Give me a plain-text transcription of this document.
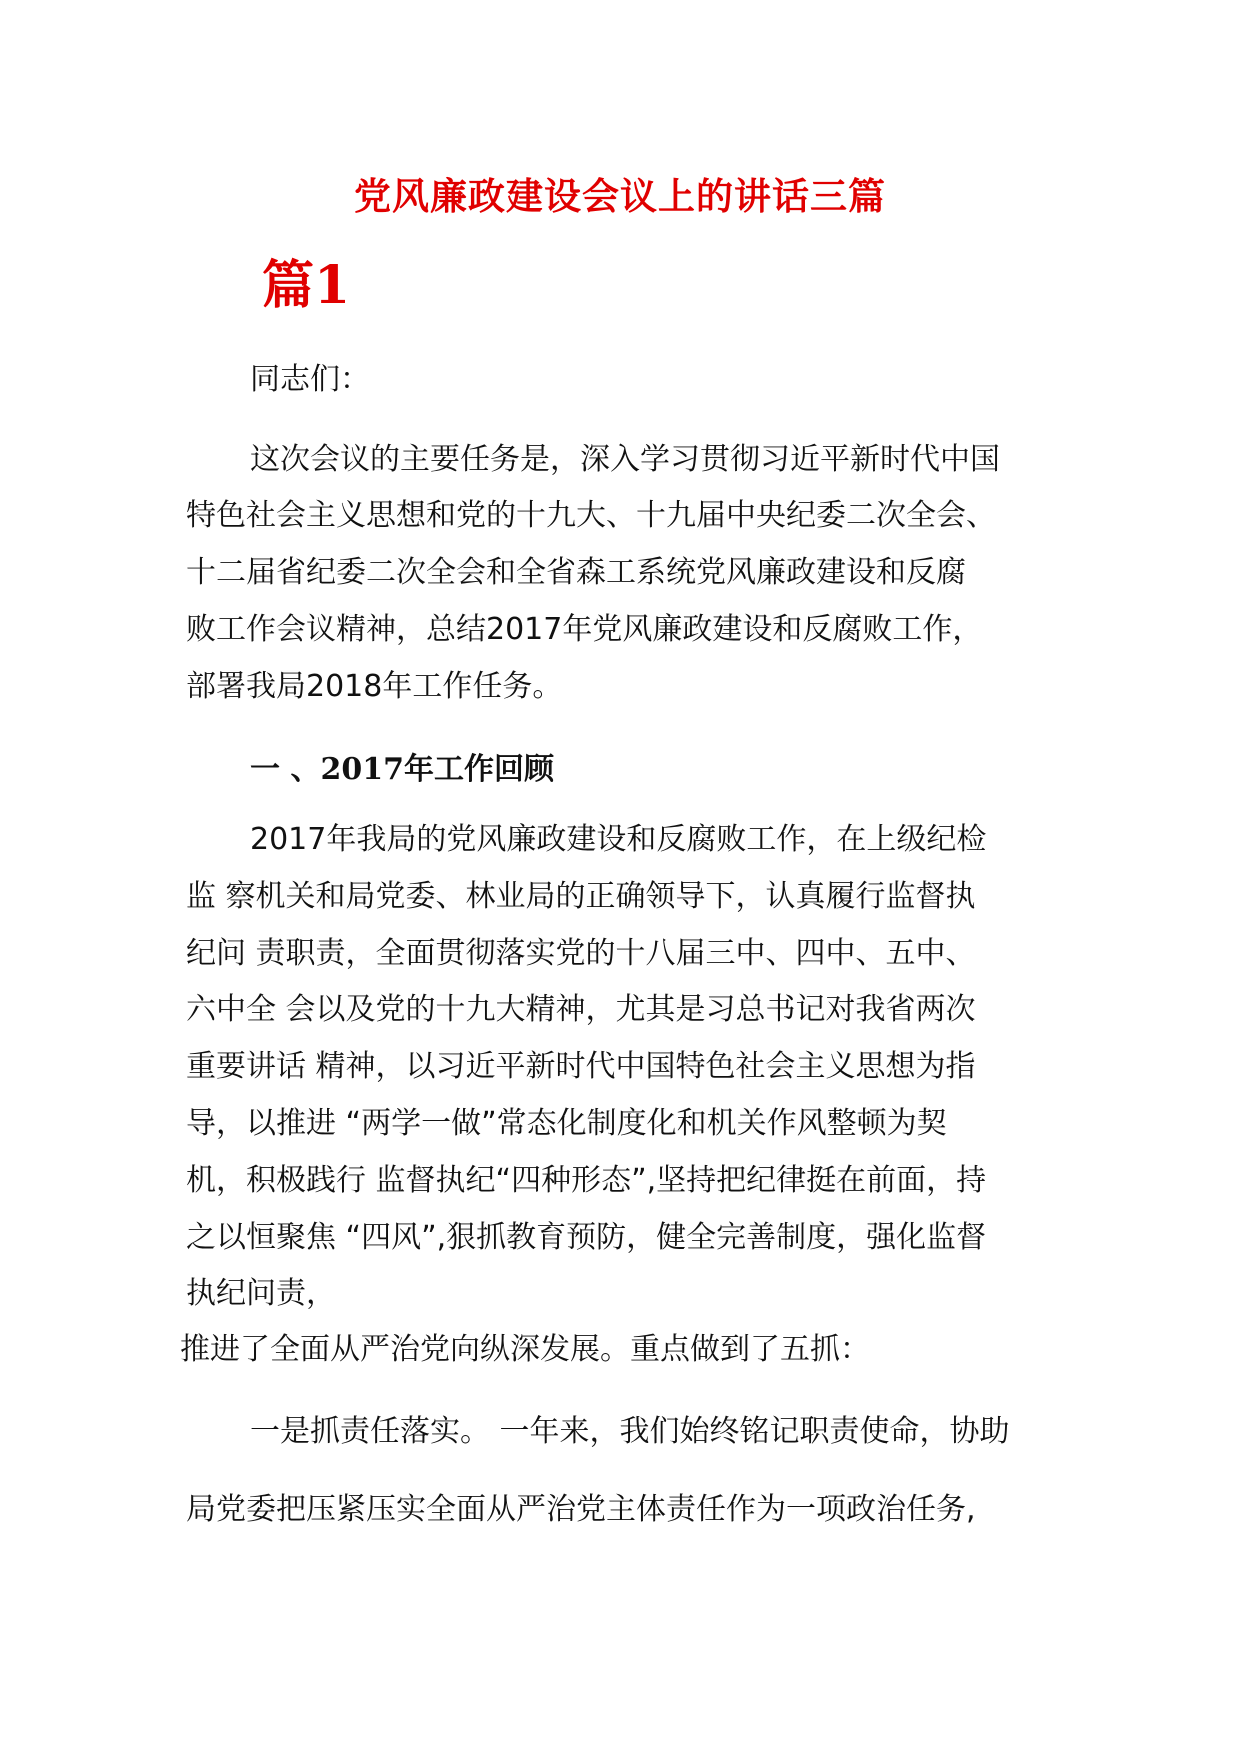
党风廉政建设会议上的讲话三篇
篇1
同志们：
这次会议的主要任务是，深入学习贯彻习近平新时代中国
特色社会主义思想和党的十九大、十九届中央纪委二次全会、
十二届省纪委二次全会和全省森工系统党风廉政建设和反腐
败工作会议精神，总结2017年党风廉政建设和反腐败工作，
部署我局2018年工作任务。
一 、2017年工作回顾
2017年我局的党风廉政建设和反腐败工作，在上级纪检
监 察机关和局党委、林业局的正确领导下，认真履行监督执
纪问 责职责，全面贯彻落实党的十八届三中、四中、五中、
六中全 会以及党的十九大精神，尤其是习总书记对我省两次
重要讲话 精神，以习近平新时代中国特色社会主义思想为指
导，以推进 “两学一做”常态化制度化和机关作风整顿为契
机，积极践行 监督执纪“四种形态”,坚持把纪律挺在前面，持
之以恒聚焦 “四风”,狠抓教育预防，健全完善制度，强化监督
执纪问责，
推进了全面从严治党向纵深发展。重点做到了五抓：
一是抓责任落实。 一年来，我们始终铭记职责使命，协助
局党委把压紧压实全面从严治党主体责任作为一项政治任务,
